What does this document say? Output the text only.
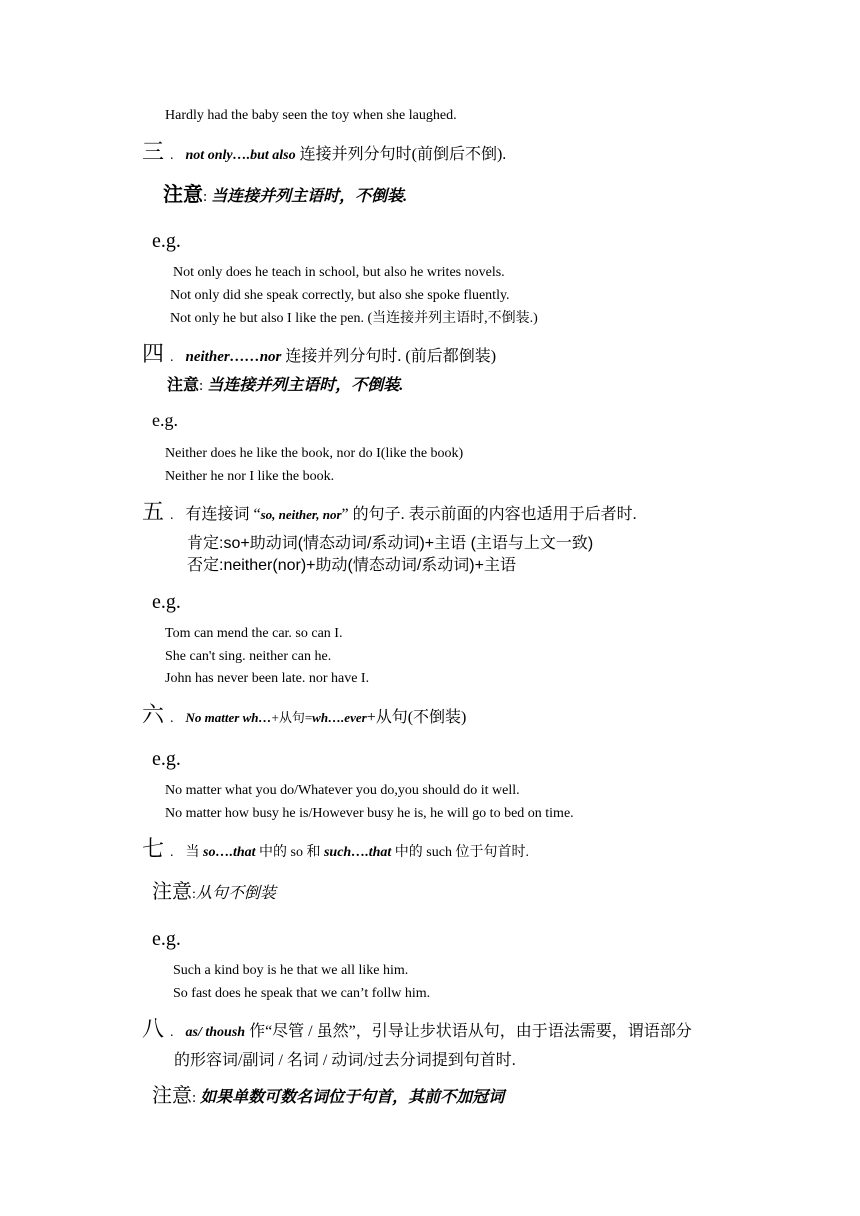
Hardly had the baby seen the toy when she laughed.
三 . not only….but also 连接并列分句时(前倒后不倒).
注意: 当连接并列主语时，不倒装.
e.g.
Not only does he teach in school, but also he writes novels.
Not only did she speak correctly, but also she spoke fluently.
Not only he but also I like the pen. (当连接并列主语时,不倒装.)
四 . neither……nor 连接并列分句时. (前后都倒装)
注意: 当连接并列主语时，不倒装.
e.g.
Neither does he like the book, nor do I(like the book)
Neither he nor I like the book.
五 . 有连接词 “so, neither, nor” 的句子. 表示前面的内容也适用于后者时.
肯定:so+助动词(情态动词/系动词)+主语 (主语与上文一致)
否定:neither(nor)+助动(情态动词/系动词)+主语
e.g.
Tom can mend the car. so can I.
She can't sing. neither can he.
John has never been late. nor have I.
六 . No matter wh…+从句=wh….ever+从句(不倒装)
e.g.
No matter what you do/Whatever you do,you should do it well.
No matter how busy he is/However busy he is, he will go to bed on time.
七 . 当 so….that 中的 so 和 such….that 中的 such 位于句首时.
注意:从句不倒装
e.g.
Such a kind boy is he that we all like him.
So fast does he speak that we can’t follw him.
八 . as/ thoush 作“尽管 / 虽然”，引导让步状语从句，由于语法需要，谓语部分
的形容词/副词 / 名词 / 动词/过去分词提到句首时.
注意: 如果单数可数名词位于句首，其前不加冠词
